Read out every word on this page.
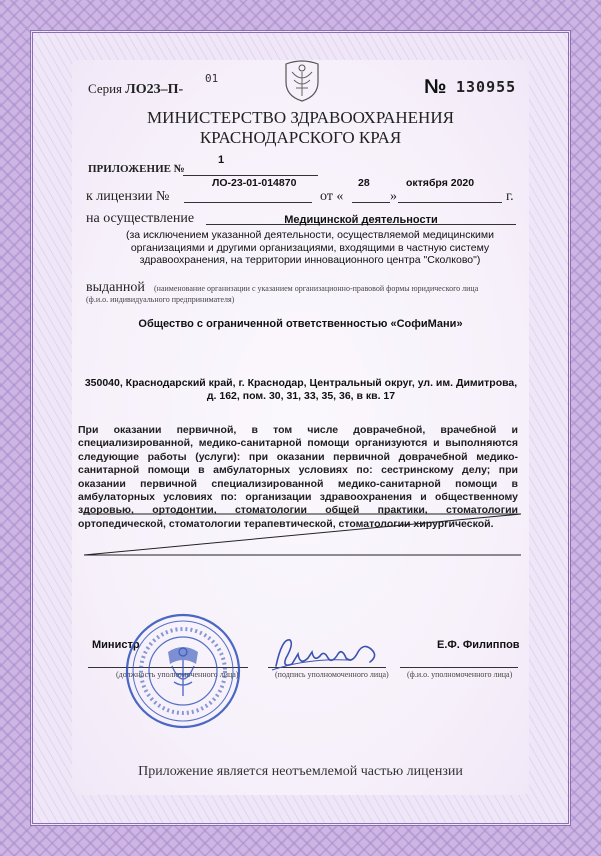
Серия ЛО23–П-
01	№ 130955
МИНИСТЕРСТВО ЗДРАВООХРАНЕНИЯ
КРАСНОДАРСКОГО КРАЯ
ПРИЛОЖЕНИЕ №
1
ЛО-23-01-014870	28	октября 2020
к лицензии №	от «	»	г.
на осуществление	Медицинской деятельности
(за исключением указанной деятельности, осуществляемой медицинскими
организациями и другими организациями, входящими в частную систему
здравоохранения, на территории инновационного центра "Сколково")
выданной (наименование организации с указанием организационно-правовой формы юридического лица
(ф.и.о. индивидуального предпринимателя)
Общество с ограниченной ответственностью «СофиМани»
350040, Краснодарский край, г. Краснодар, Центральный округ, ул. им. Димитрова,
д. 162, пом. 30, 31, 33, 35, 36, в кв. 17
При оказании первичной, в том числе доврачебной, врачебной и специализированной, медико-санитарной помощи организуются и выполняются следующие работы (услуги): при оказании первичной доврачебной медико-санитарной помощи в амбулаторных условиях по: сестринскому делу; при оказании первичной специализированной медико-санитарной помощи в амбулаторных условиях по: организации здравоохранения и общественному здоровью, ортодонтии, стоматологии общей практики, стоматологии ортопедической, стоматологии терапевтической, стоматологии хирургической.
Министр
(должность уполномоченного лица)	(подпись уполномоченного лица)
Е.Ф. Филиппов
(ф.и.о. уполномоченного лица)
Приложение является неотъемлемой частью лицензии
